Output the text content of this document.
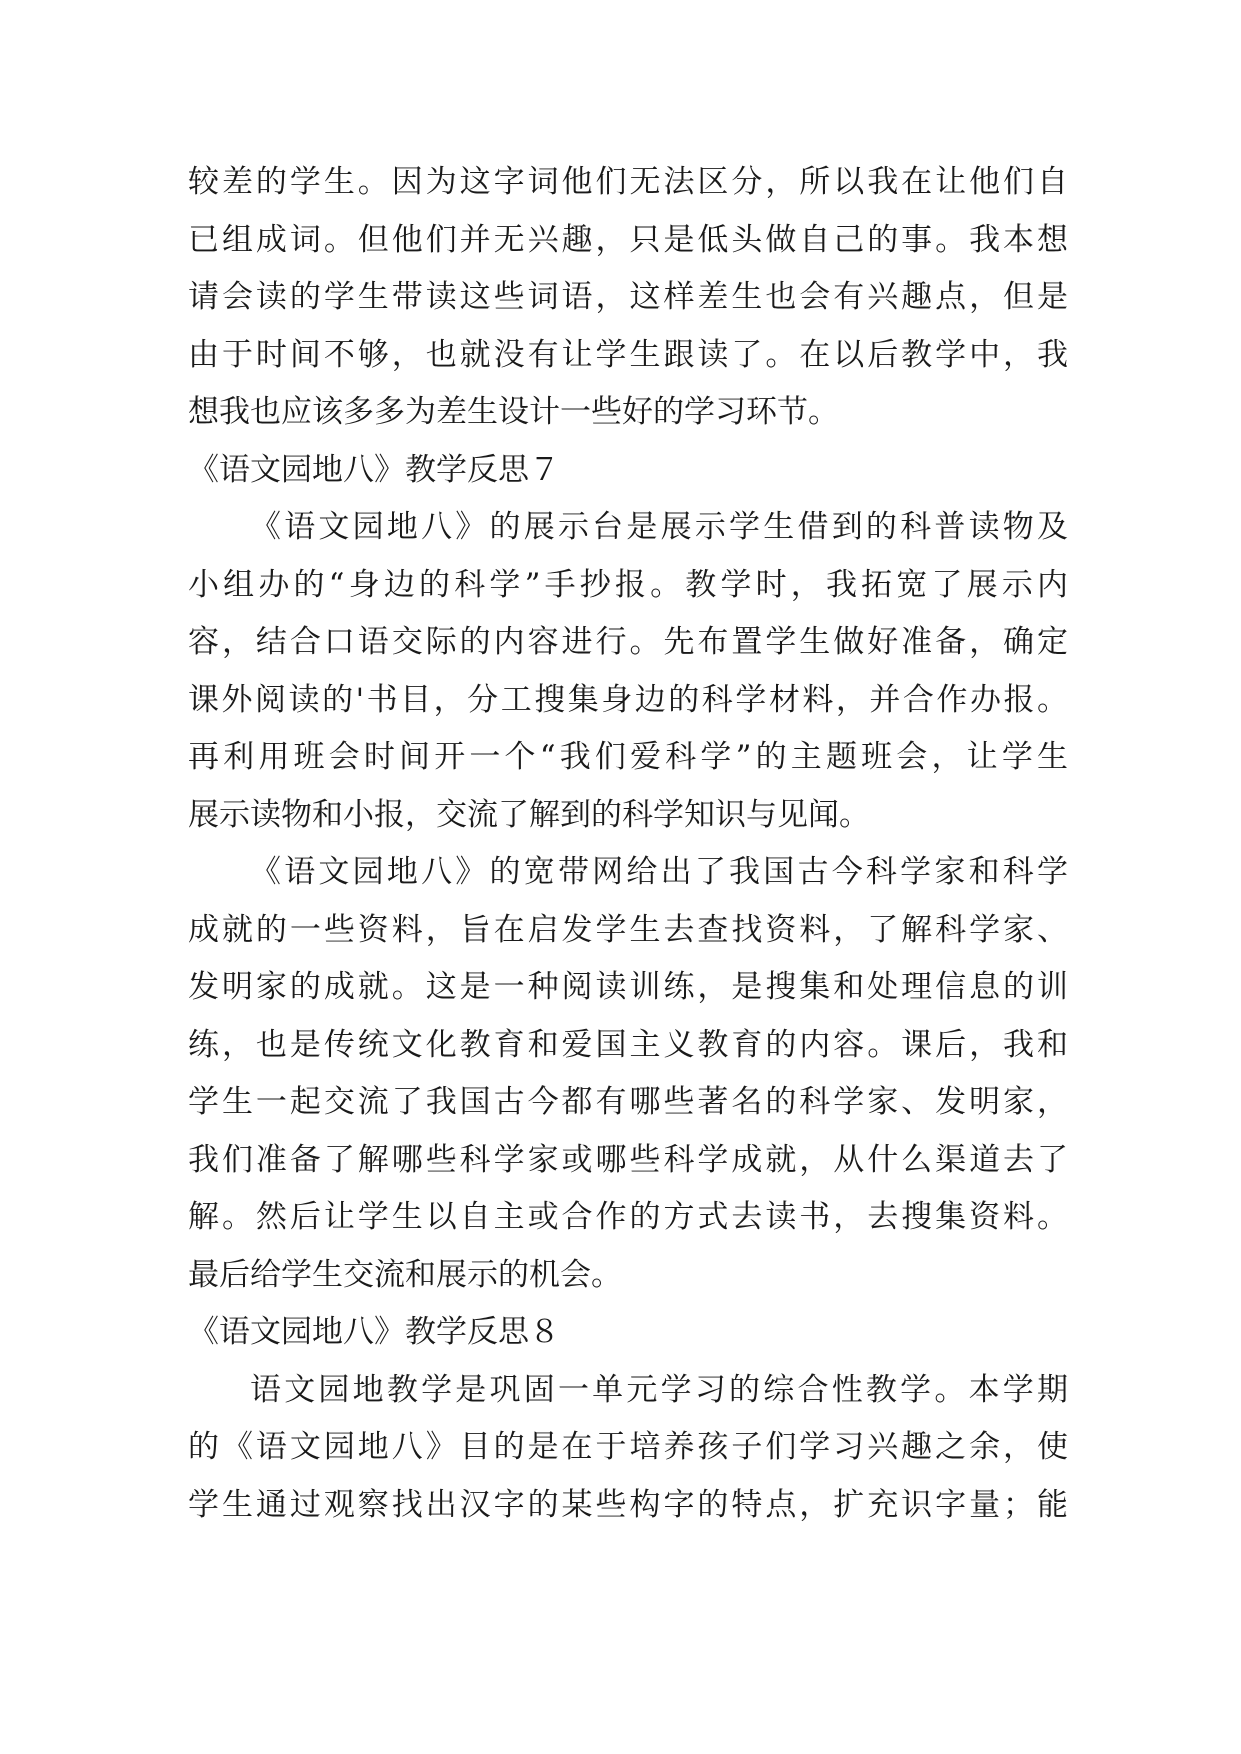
较差的学生。因为这字词他们无法区分，所以我在让他们自
已组成词。但他们并无兴趣，只是低头做自己的事。我本想
请会读的学生带读这些词语，这样差生也会有兴趣点，但是
由于时间不够，也就没有让学生跟读了。在以后教学中，我
想我也应该多多为差生设计一些好的学习环节。
《语文园地八》教学反思７
《语文园地八》的展示台是展示学生借到的科普读物及
小组办的“身边的科学”手抄报。教学时，我拓宽了展示内
容，结合口语交际的内容进行。先布置学生做好准备，确定
课外阅读的'书目，分工搜集身边的科学材料，并合作办报。
再利用班会时间开一个“我们爱科学”的主题班会，让学生
展示读物和小报，交流了解到的科学知识与见闻。
《语文园地八》的宽带网给出了我国古今科学家和科学
成就的一些资料，旨在启发学生去查找资料，了解科学家、
发明家的成就。这是一种阅读训练，是搜集和处理信息的训
练，也是传统文化教育和爱国主义教育的内容。课后，我和
学生一起交流了我国古今都有哪些著名的科学家、发明家，
我们准备了解哪些科学家或哪些科学成就，从什么渠道去了
解。然后让学生以自主或合作的方式去读书，去搜集资料。
最后给学生交流和展示的机会。
《语文园地八》教学反思８
语文园地教学是巩固一单元学习的综合性教学。本学期
的《语文园地八》目的是在于培养孩子们学习兴趣之余，使
学生通过观察找出汉字的某些构字的特点，扩充识字量；能
